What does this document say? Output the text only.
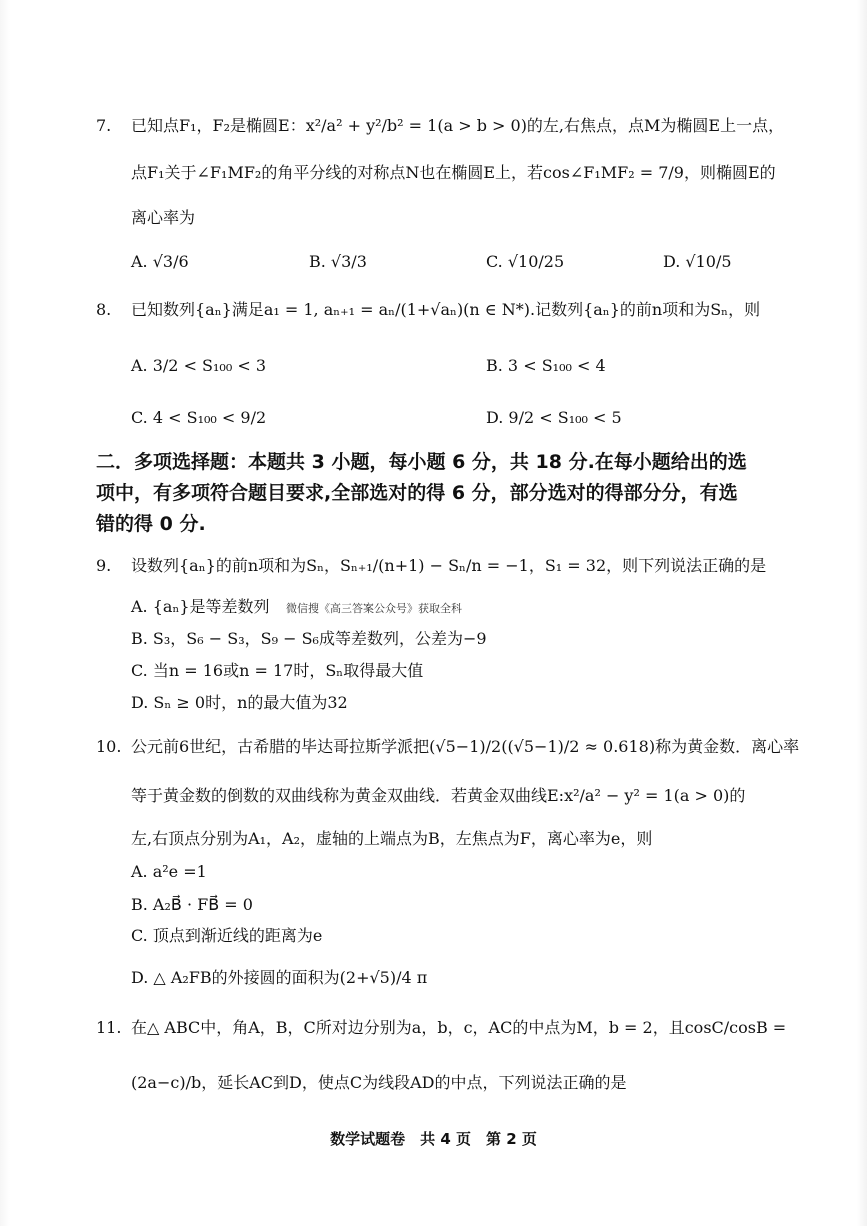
7. 已知点F₁，F₂是椭圆E：x²/a² + y²/b² = 1(a > b > 0)的左,右焦点，点M为椭圆E上一点，
点F₁关于∠F₁MF₂的角平分线的对称点N也在椭圆E上，若cos∠F₁MF₂ = 7/9，则椭圆E的
离心率为
A. √3/6	B. √3/3	C. √10/25	D. √10/5
8. 已知数列{aₙ}满足a₁ = 1, aₙ₊₁ = aₙ/(1+√aₙ)(n ∈ N*).记数列{aₙ}的前n项和为Sₙ，则
A. 3/2 < S₁₀₀ < 3	B. 3 < S₁₀₀ < 4
C. 4 < S₁₀₀ < 9/2	D. 9/2 < S₁₀₀ < 5
二．多项选择题：本题共 3 小题，每小题 6 分，共 18 分.在每小题给出的选
项中，有多项符合题目要求,全部选对的得 6 分，部分选对的得部分分，有选
错的得 0 分.
9. 设数列{aₙ}的前n项和为Sₙ，Sₙ₊₁/(n+1) − Sₙ/n = −1，S₁ = 32，则下列说法正确的是
A. {aₙ}是等差数列 微信搜《高三答案公众号》获取全科
B. S₃，S₆ − S₃，S₉ − S₆成等差数列，公差为−9
C. 当n = 16或n = 17时，Sₙ取得最大值
D. Sₙ ≥ 0时，n的最大值为32
10. 公元前6世纪，古希腊的毕达哥拉斯学派把(√5−1)/2((√5−1)/2 ≈ 0.618)称为黄金数．离心率
等于黄金数的倒数的双曲线称为黄金双曲线．若黄金双曲线E:x²/a² − y² = 1(a > 0)的
左,右顶点分别为A₁，A₂，虚轴的上端点为B，左焦点为F，离心率为e，则
A. a²e =1
B. A₂B⃗ · FB⃗ = 0
C. 顶点到渐近线的距离为e
D. △ A₂FB的外接圆的面积为(2+√5)/4 π
11. 在△ ABC中，角A，B，C所对边分别为a，b，c，AC的中点为M，b = 2，且cosC/cosB =
(2a−c)/b，延长AC到D，使点C为线段AD的中点，下列说法正确的是
数学试题卷　共 4 页　第 2 页
